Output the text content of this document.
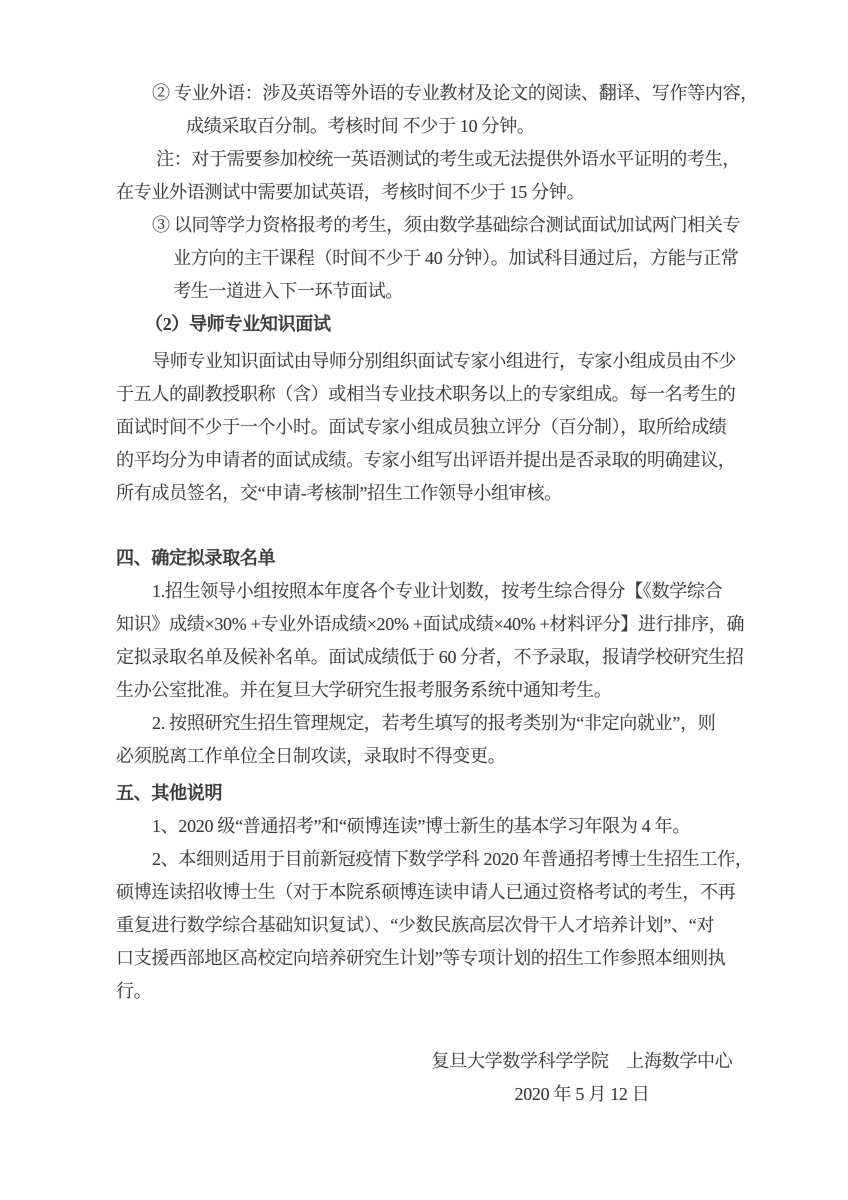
② 专业外语：涉及英语等外语的专业教材及论文的阅读、翻译、写作等内容，
成绩采取百分制。考核时间 不少于 10 分钟。
注：对于需要参加校统一英语测试的考生或无法提供外语水平证明的考生，
在专业外语测试中需要加试英语，考核时间不少于 15 分钟。
③ 以同等学力资格报考的考生，须由数学基础综合测试面试加试两门相关专
业方向的主干课程（时间不少于 40 分钟）。加试科目通过后，方能与正常
考生一道进入下一环节面试。
（2）导师专业知识面试
导师专业知识面试由导师分别组织面试专家小组进行，专家小组成员由不少
于五人的副教授职称（含）或相当专业技术职务以上的专家组成。每一名考生的
面试时间不少于一个小时。面试专家小组成员独立评分（百分制），取所给成绩
的平均分为申请者的面试成绩。专家小组写出评语并提出是否录取的明确建议，
所有成员签名，交“申请-考核制”招生工作领导小组审核。
四、确定拟录取名单
1.招生领导小组按照本年度各个专业计划数，按考生综合得分【《数学综合
知识》成绩×30% +专业外语成绩×20% +面试成绩×40% +材料评分】进行排序，确
定拟录取名单及候补名单。面试成绩低于 60 分者，不予录取，报请学校研究生招
生办公室批准。并在复旦大学研究生报考服务系统中通知考生。
2. 按照研究生招生管理规定，若考生填写的报考类别为“非定向就业”，则
必须脱离工作单位全日制攻读，录取时不得变更。
五、其他说明
1、2020 级“普通招考”和“硕博连读”博士新生的基本学习年限为 4 年。
2、本细则适用于目前新冠疫情下数学学科 2020 年普通招考博士生招生工作，
硕博连读招收博士生（对于本院系硕博连读申请人已通过资格考试的考生，不再
重复进行数学综合基础知识复试）、“少数民族高层次骨干人才培养计划”、“对
口支援西部地区高校定向培养研究生计划”等专项计划的招生工作参照本细则执
行。
复旦大学数学科学学院　上海数学中心
2020 年 5 月 12 日
